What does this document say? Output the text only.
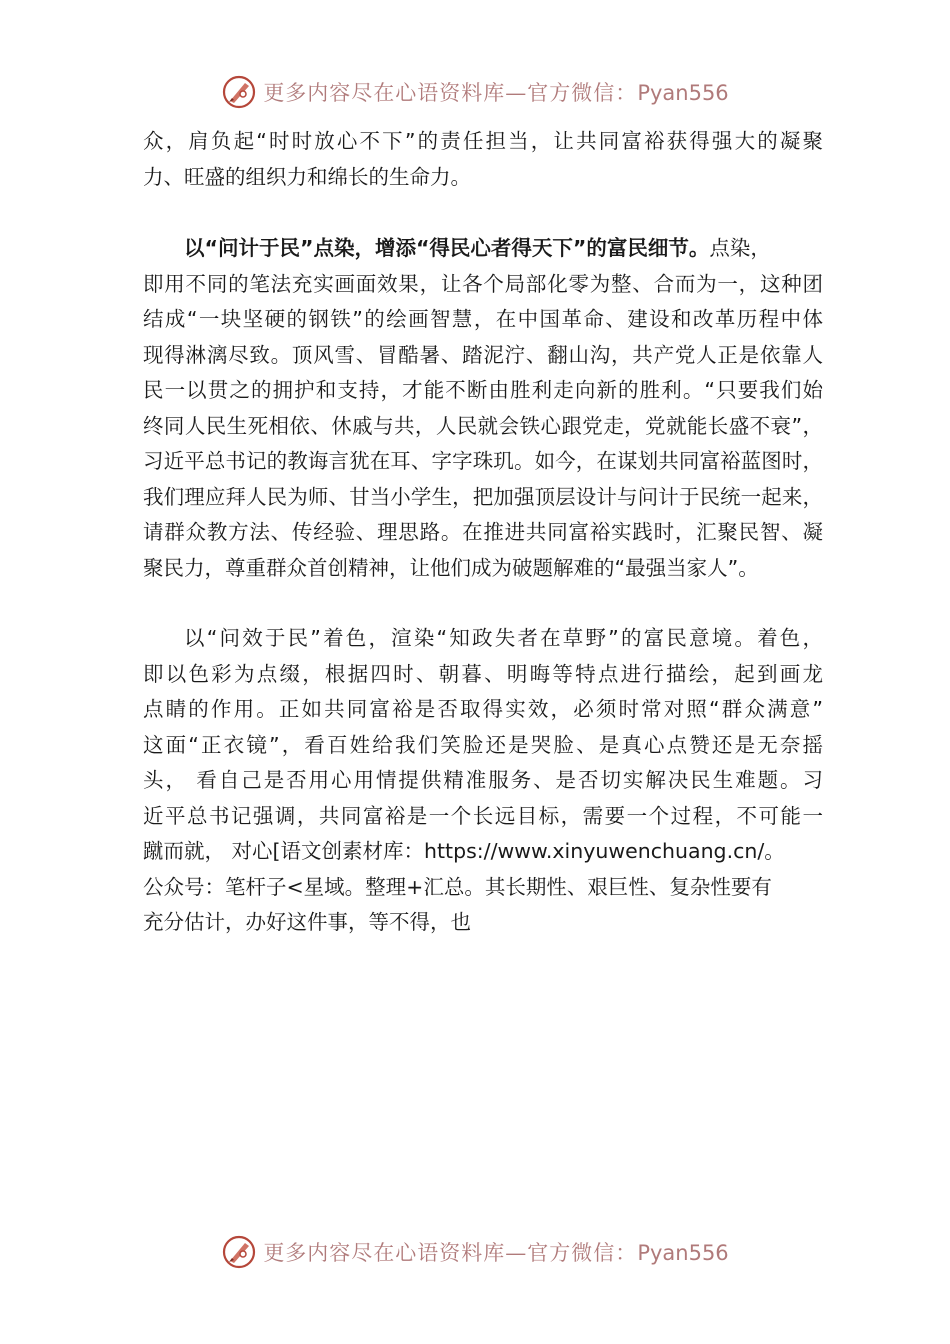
更多内容尽在心语资料库—官方微信：Pyan556
众，肩负起“时时放心不下”的责任担当，让共同富裕获得强大的凝聚
力、旺盛的组织力和绵长的生命力。
以“问计于民”点染，增添“得民心者得天下”的富民细节。点染，
即用不同的笔法充实画面效果，让各个局部化零为整、合而为一，这种团
结成“一块坚硬的钢铁”的绘画智慧，在中国革命、建设和改革历程中体
现得淋漓尽致。顶风雪、冒酷暑、踏泥泞、翻山沟，共产党人正是依靠人
民一以贯之的拥护和支持，才能不断由胜利走向新的胜利。“只要我们始
终同人民生死相依、休戚与共，人民就会铁心跟党走，党就能长盛不衰”，
习近平总书记的教诲言犹在耳、字字珠玑。如今，在谋划共同富裕蓝图时，
我们理应拜人民为师、甘当小学生，把加强顶层设计与问计于民统一起来，
请群众教方法、传经验、理思路。在推进共同富裕实践时，汇聚民智、凝
聚民力，尊重群众首创精神，让他们成为破题解难的“最强当家人”。
以“问效于民”着色，渲染“知政失者在草野”的富民意境。着色，
即以色彩为点缀，根据四时、朝暮、明晦等特点进行描绘，起到画龙
点睛的作用。正如共同富裕是否取得实效，必须时常对照“群众满意”
这面“正衣镜”，看百姓给我们笑脸还是哭脸、是真心点赞还是无奈摇
头， 看自己是否用心用情提供精准服务、是否切实解决民生难题。习
近平总书记强调，共同富裕是一个长远目标，需要一个过程，不可能一
蹴而就， 对心[语文创素材库：https://www.xinyuwenchuang.cn/。
公众号：笔杆子<星域。整理+汇总。其长期性、艰巨性、复杂性要有
充分估计，办好这件事，等不得，也
更多内容尽在心语资料库—官方微信：Pyan556
